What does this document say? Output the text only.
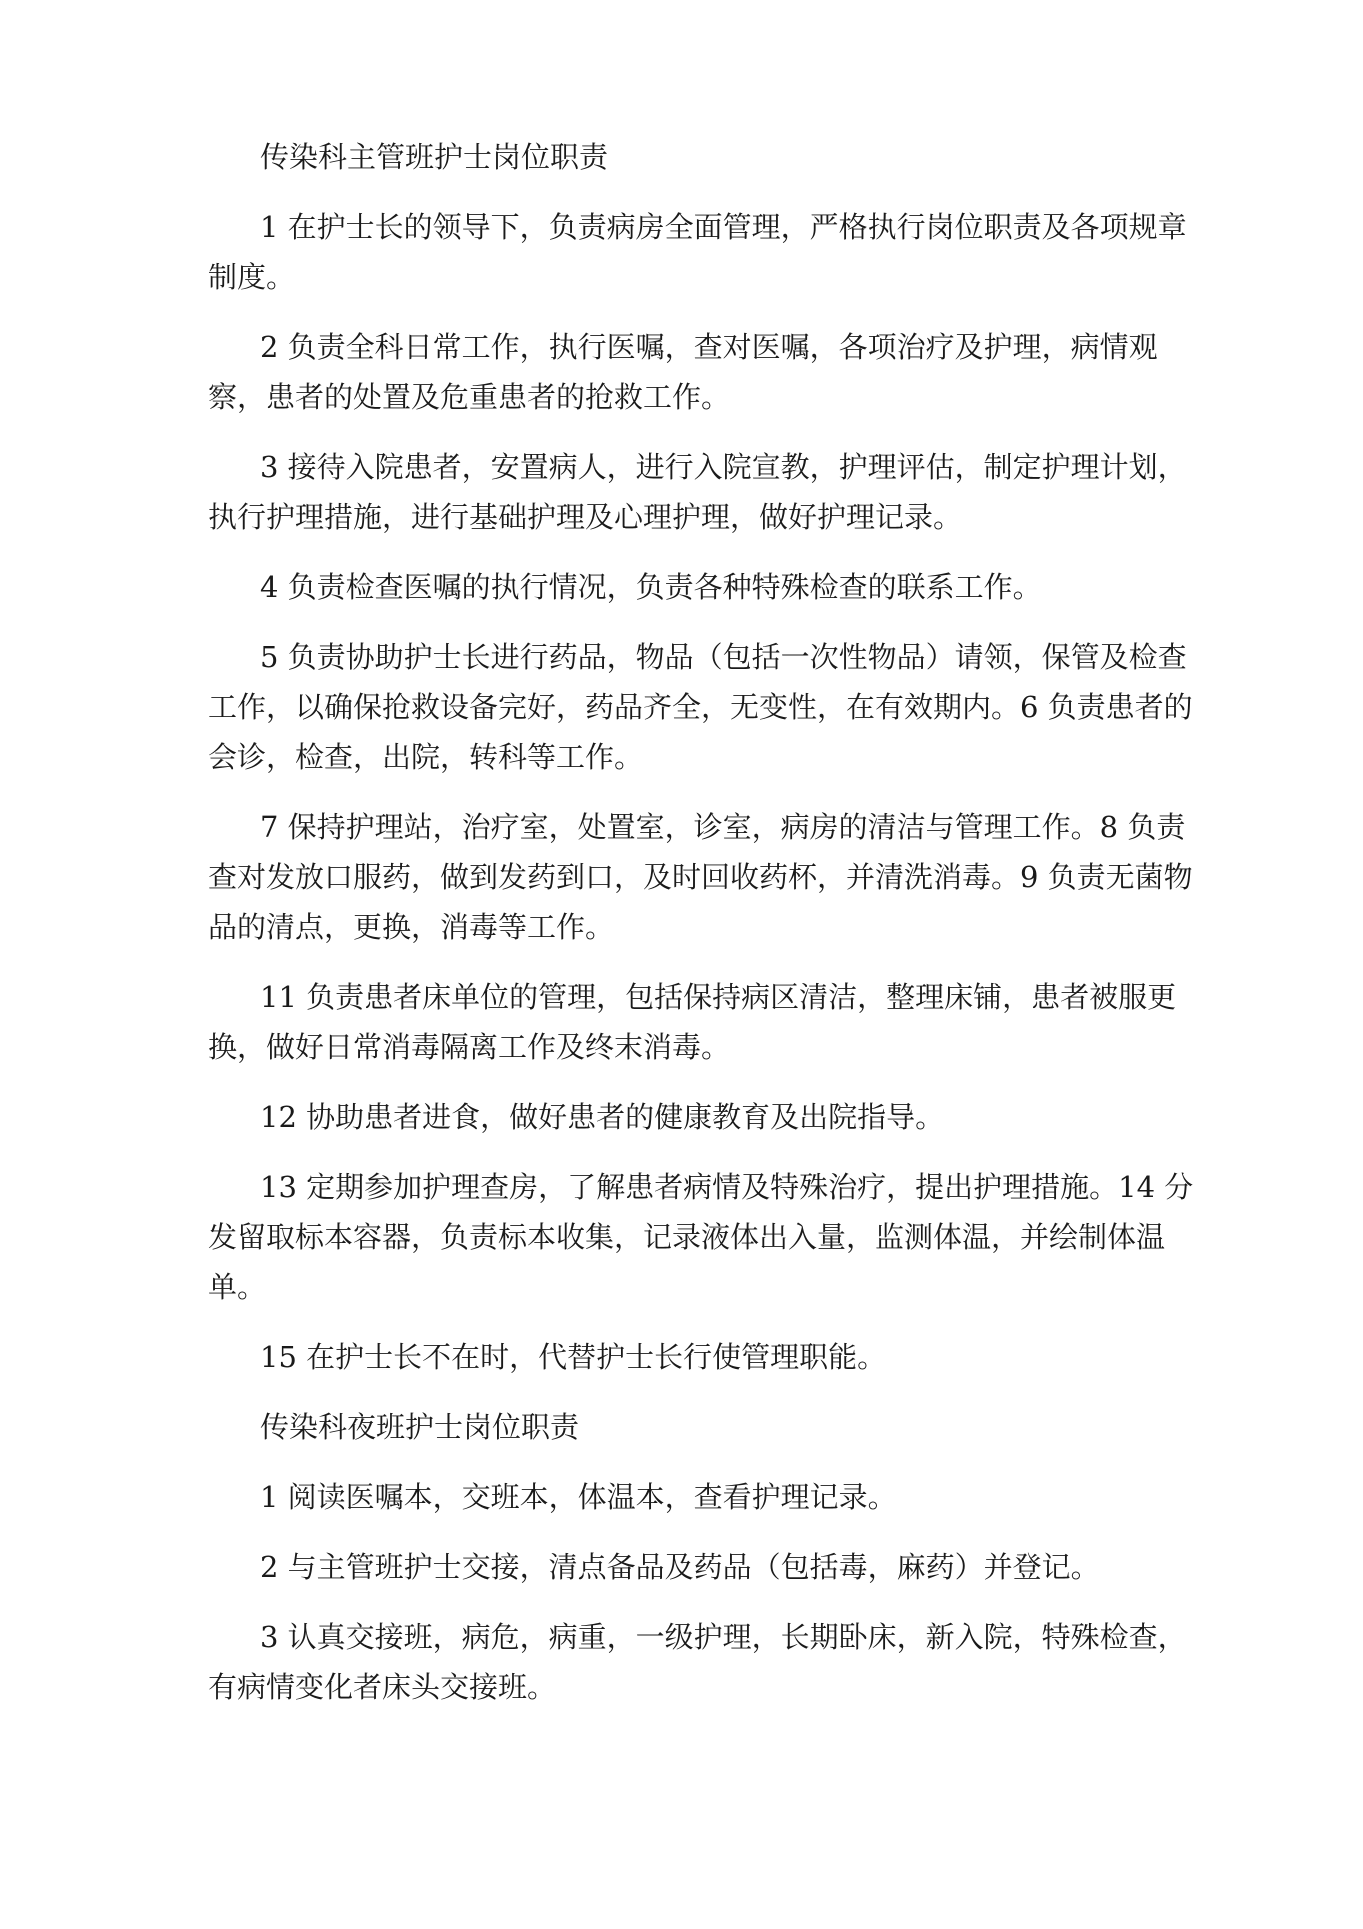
传染科主管班护士岗位职责

1 在护士长的领导下，负责病房全面管理，严格执行岗位职责及各项规章制度。

2 负责全科日常工作，执行医嘱，查对医嘱，各项治疗及护理，病情观察，患者的处置及危重患者的抢救工作。

3 接待入院患者，安置病人，进行入院宣教，护理评估，制定护理计划，执行护理措施，进行基础护理及心理护理，做好护理记录。

4 负责检查医嘱的执行情况，负责各种特殊检查的联系工作。

5 负责协助护士长进行药品，物品（包括一次性物品）请领，保管及检查工作，以确保抢救设备完好，药品齐全，无变性，在有效期内。6 负责患者的会诊，检查，出院，转科等工作。

7 保持护理站，治疗室，处置室，诊室，病房的清洁与管理工作。8 负责查对发放口服药，做到发药到口，及时回收药杯，并清洗消毒。9 负责无菌物品的清点，更换，消毒等工作。

11 负责患者床单位的管理，包括保持病区清洁，整理床铺，患者被服更换，做好日常消毒隔离工作及终末消毒。

12 协助患者进食，做好患者的健康教育及出院指导。

13 定期参加护理查房，了解患者病情及特殊治疗，提出护理措施。14 分发留取标本容器，负责标本收集，记录液体出入量，监测体温，并绘制体温单。

15 在护士长不在时，代替护士长行使管理职能。

传染科夜班护士岗位职责

1 阅读医嘱本，交班本，体温本，查看护理记录。

2 与主管班护士交接，清点备品及药品（包括毒，麻药）并登记。

3 认真交接班，病危，病重，一级护理，长期卧床，新入院，特殊检查，有病情变化者床头交接班。
